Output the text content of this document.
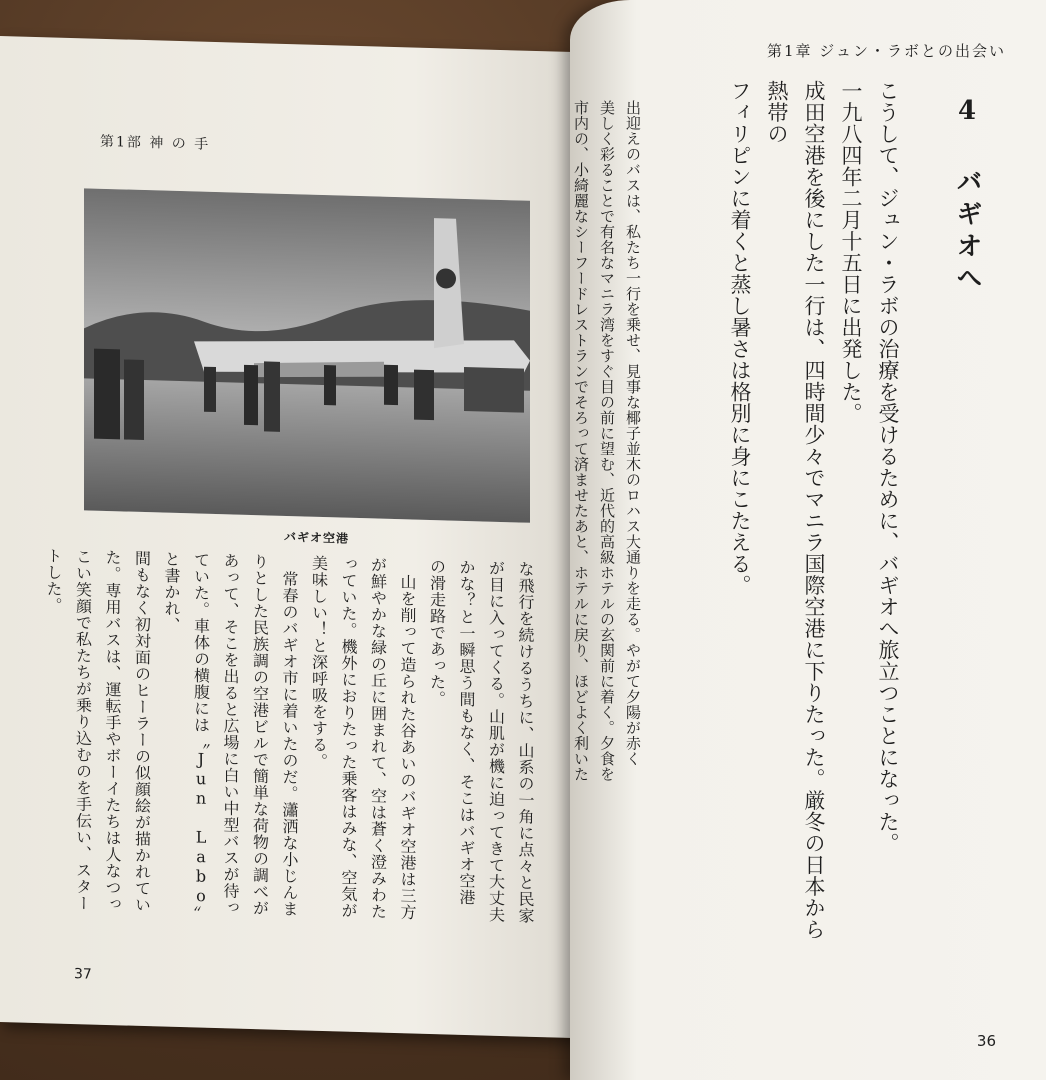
第1部 神 の 手
バギオ空港
な飛行を続けるうちに、山系の一角に点々と民家
が目に入ってくる。山肌が機に迫ってきて大丈夫
かな？と一瞬思う間もなく、そこはバギオ空港
の滑走路であった。
　山を削って造られた谷あいのバギオ空港は三方
が鮮やかな緑の丘に囲まれて、空は蒼く澄みわた
っていた。機外におりたった乗客はみな、空気が
美味しい！と深呼吸をする。
　常春のバギオ市に着いたのだ。瀟洒な小じんま
りとした民族調の空港ビルで簡単な荷物の調べが
あって、そこを出ると広場に白い中型バスが待っ
ていた。車体の横腹には〝Jun Labo〟と書かれ、
間もなく初対面のヒーラーの似顔絵が描かれてい
た。専用バスは、運転手やボーイたちは人なつっ
こい笑顔で私たちが乗り込むのを手伝い、スター
トした。
37
第1章 ジュン・ラボとの出会い
4 バギオへ
こうして、ジュン・ラボの治療を受けるために、バギオへ旅立つことになった。
一九八四年二月十五日に出発した。
成田空港を後にした一行は、四時間少々でマニラ国際空港に下りたった。厳冬の日本から熱帯の
フィリピンに着くと蒸し暑さは格別に身にこたえる。
出迎えのバスは、私たち一行を乗せ、見事な椰子並木のロハス大通りを走る。やがて夕陽が赤く
美しく彩ることで有名なマニラ湾をすぐ目の前に望む、近代的高級ホテルの玄関前に着く。夕食を
市内の、小綺麗なシーフードレストランでそろって済ませたあと、ホテルに戻り、ほどよく利いた

36
